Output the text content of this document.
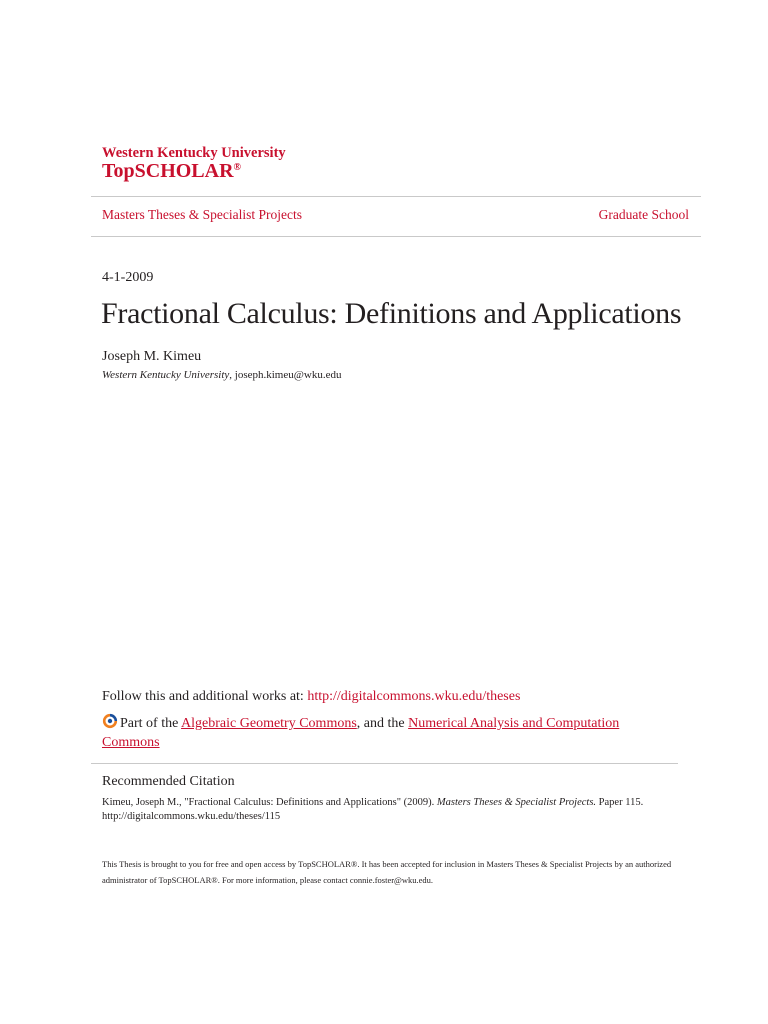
Western Kentucky University
TopSCHOLAR®
Masters Theses & Specialist Projects	Graduate School
4-1-2009
Fractional Calculus: Definitions and Applications
Joseph M. Kimeu
Western Kentucky University, joseph.kimeu@wku.edu
Follow this and additional works at: http://digitalcommons.wku.edu/theses
Part of the Algebraic Geometry Commons, and the Numerical Analysis and Computation Commons
Recommended Citation
Kimeu, Joseph M., "Fractional Calculus: Definitions and Applications" (2009). Masters Theses & Specialist Projects. Paper 115.
http://digitalcommons.wku.edu/theses/115
This Thesis is brought to you for free and open access by TopSCHOLAR®. It has been accepted for inclusion in Masters Theses & Specialist Projects by an authorized administrator of TopSCHOLAR®. For more information, please contact connie.foster@wku.edu.
